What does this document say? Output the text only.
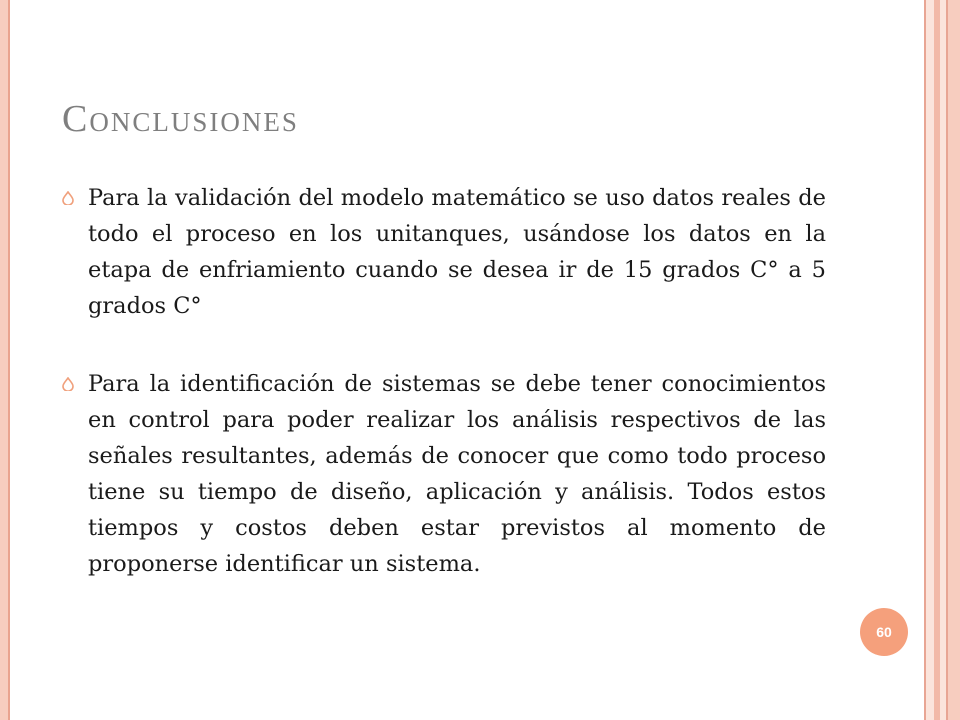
Conclusiones
Para la validación del modelo matemático se uso datos reales de todo el proceso en los unitanques, usándose los datos en la etapa de enfriamiento cuando se desea ir de 15 grados C° a 5 grados C°
Para la identificación de sistemas se debe tener conocimientos en control para poder realizar los análisis respectivos de las señales resultantes, además de conocer que como todo proceso tiene su tiempo de diseño, aplicación y análisis. Todos estos tiempos y costos deben estar previstos al momento de proponerse identificar un sistema.
60
